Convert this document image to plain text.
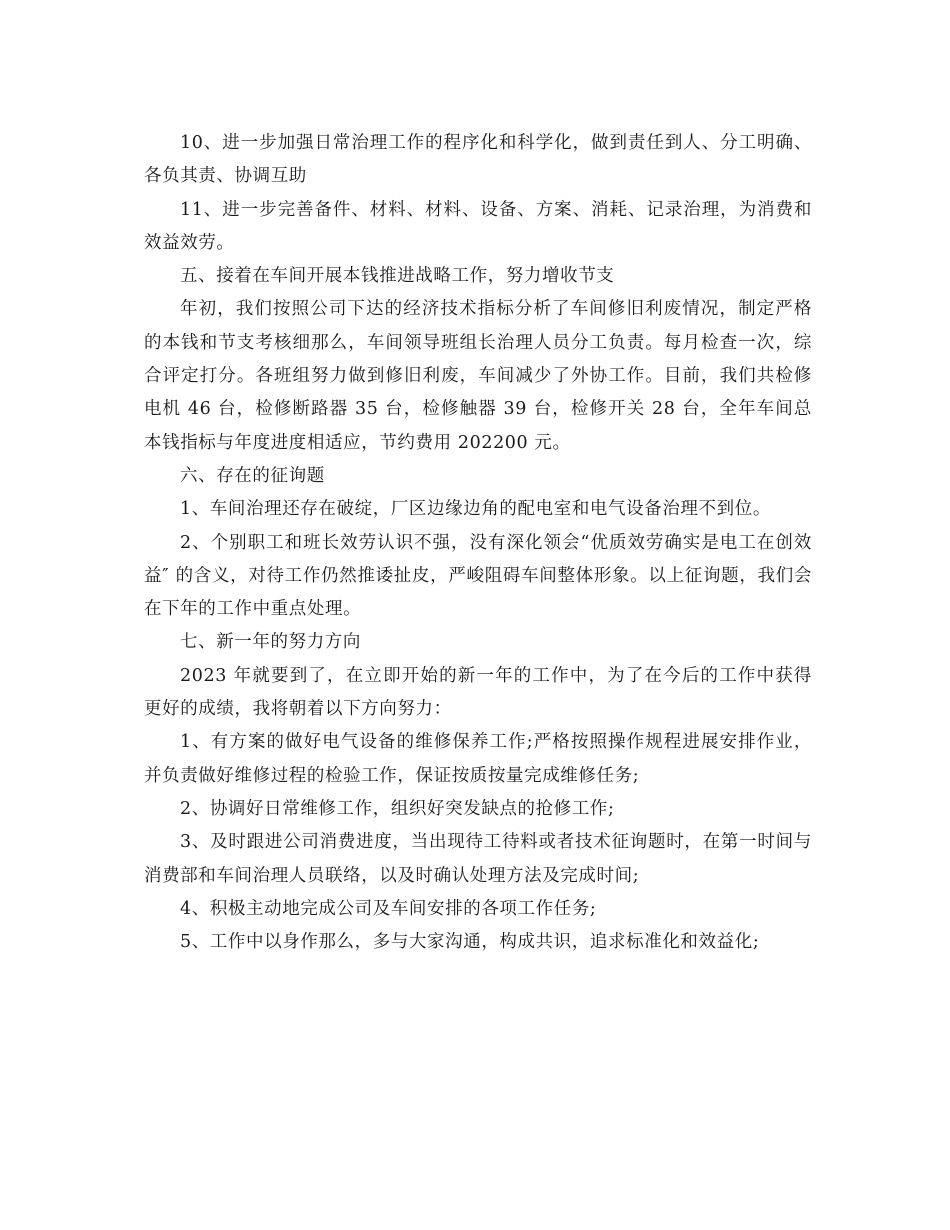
10、进一步加强日常治理工作的程序化和科学化，做到责任到人、分工明确、各负其责、协调互助

11、进一步完善备件、材料、材料、设备、方案、消耗、记录治理，为消费和效益效劳。

五、接着在车间开展本钱推进战略工作，努力增收节支

年初，我们按照公司下达的经济技术指标分析了车间修旧利废情况，制定严格的本钱和节支考核细那么，车间领导班组长治理人员分工负责。每月检查一次，综合评定打分。各班组努力做到修旧利废，车间减少了外协工作。目前，我们共检修电机 46 台，检修断路器 35 台，检修触器 39 台，检修开关 28 台，全年车间总本钱指标与年度进度相适应，节约费用 202200 元。

六、存在的征询题

1、车间治理还存在破绽，厂区边缘边角的配电室和电气设备治理不到位。

2、个别职工和班长效劳认识不强，没有深化领会“优质效劳确实是电工在创效益″ 的含义，对待工作仍然推诿扯皮，严峻阻碍车间整体形象。以上征询题，我们会在下年的工作中重点处理。

七、新一年的努力方向

2023 年就要到了，在立即开始的新一年的工作中，为了在今后的工作中获得更好的成绩，我将朝着以下方向努力：

1、有方案的做好电气设备的维修保养工作;严格按照操作规程进展安排作业，并负责做好维修过程的检验工作，保证按质按量完成维修任务;

2、协调好日常维修工作，组织好突发缺点的抢修工作;

3、及时跟进公司消费进度，当出现待工待料或者技术征询题时，在第一时间与消费部和车间治理人员联络，以及时确认处理方法及完成时间;

4、积极主动地完成公司及车间安排的各项工作任务;

5、工作中以身作那么，多与大家沟通，构成共识，追求标准化和效益化;
